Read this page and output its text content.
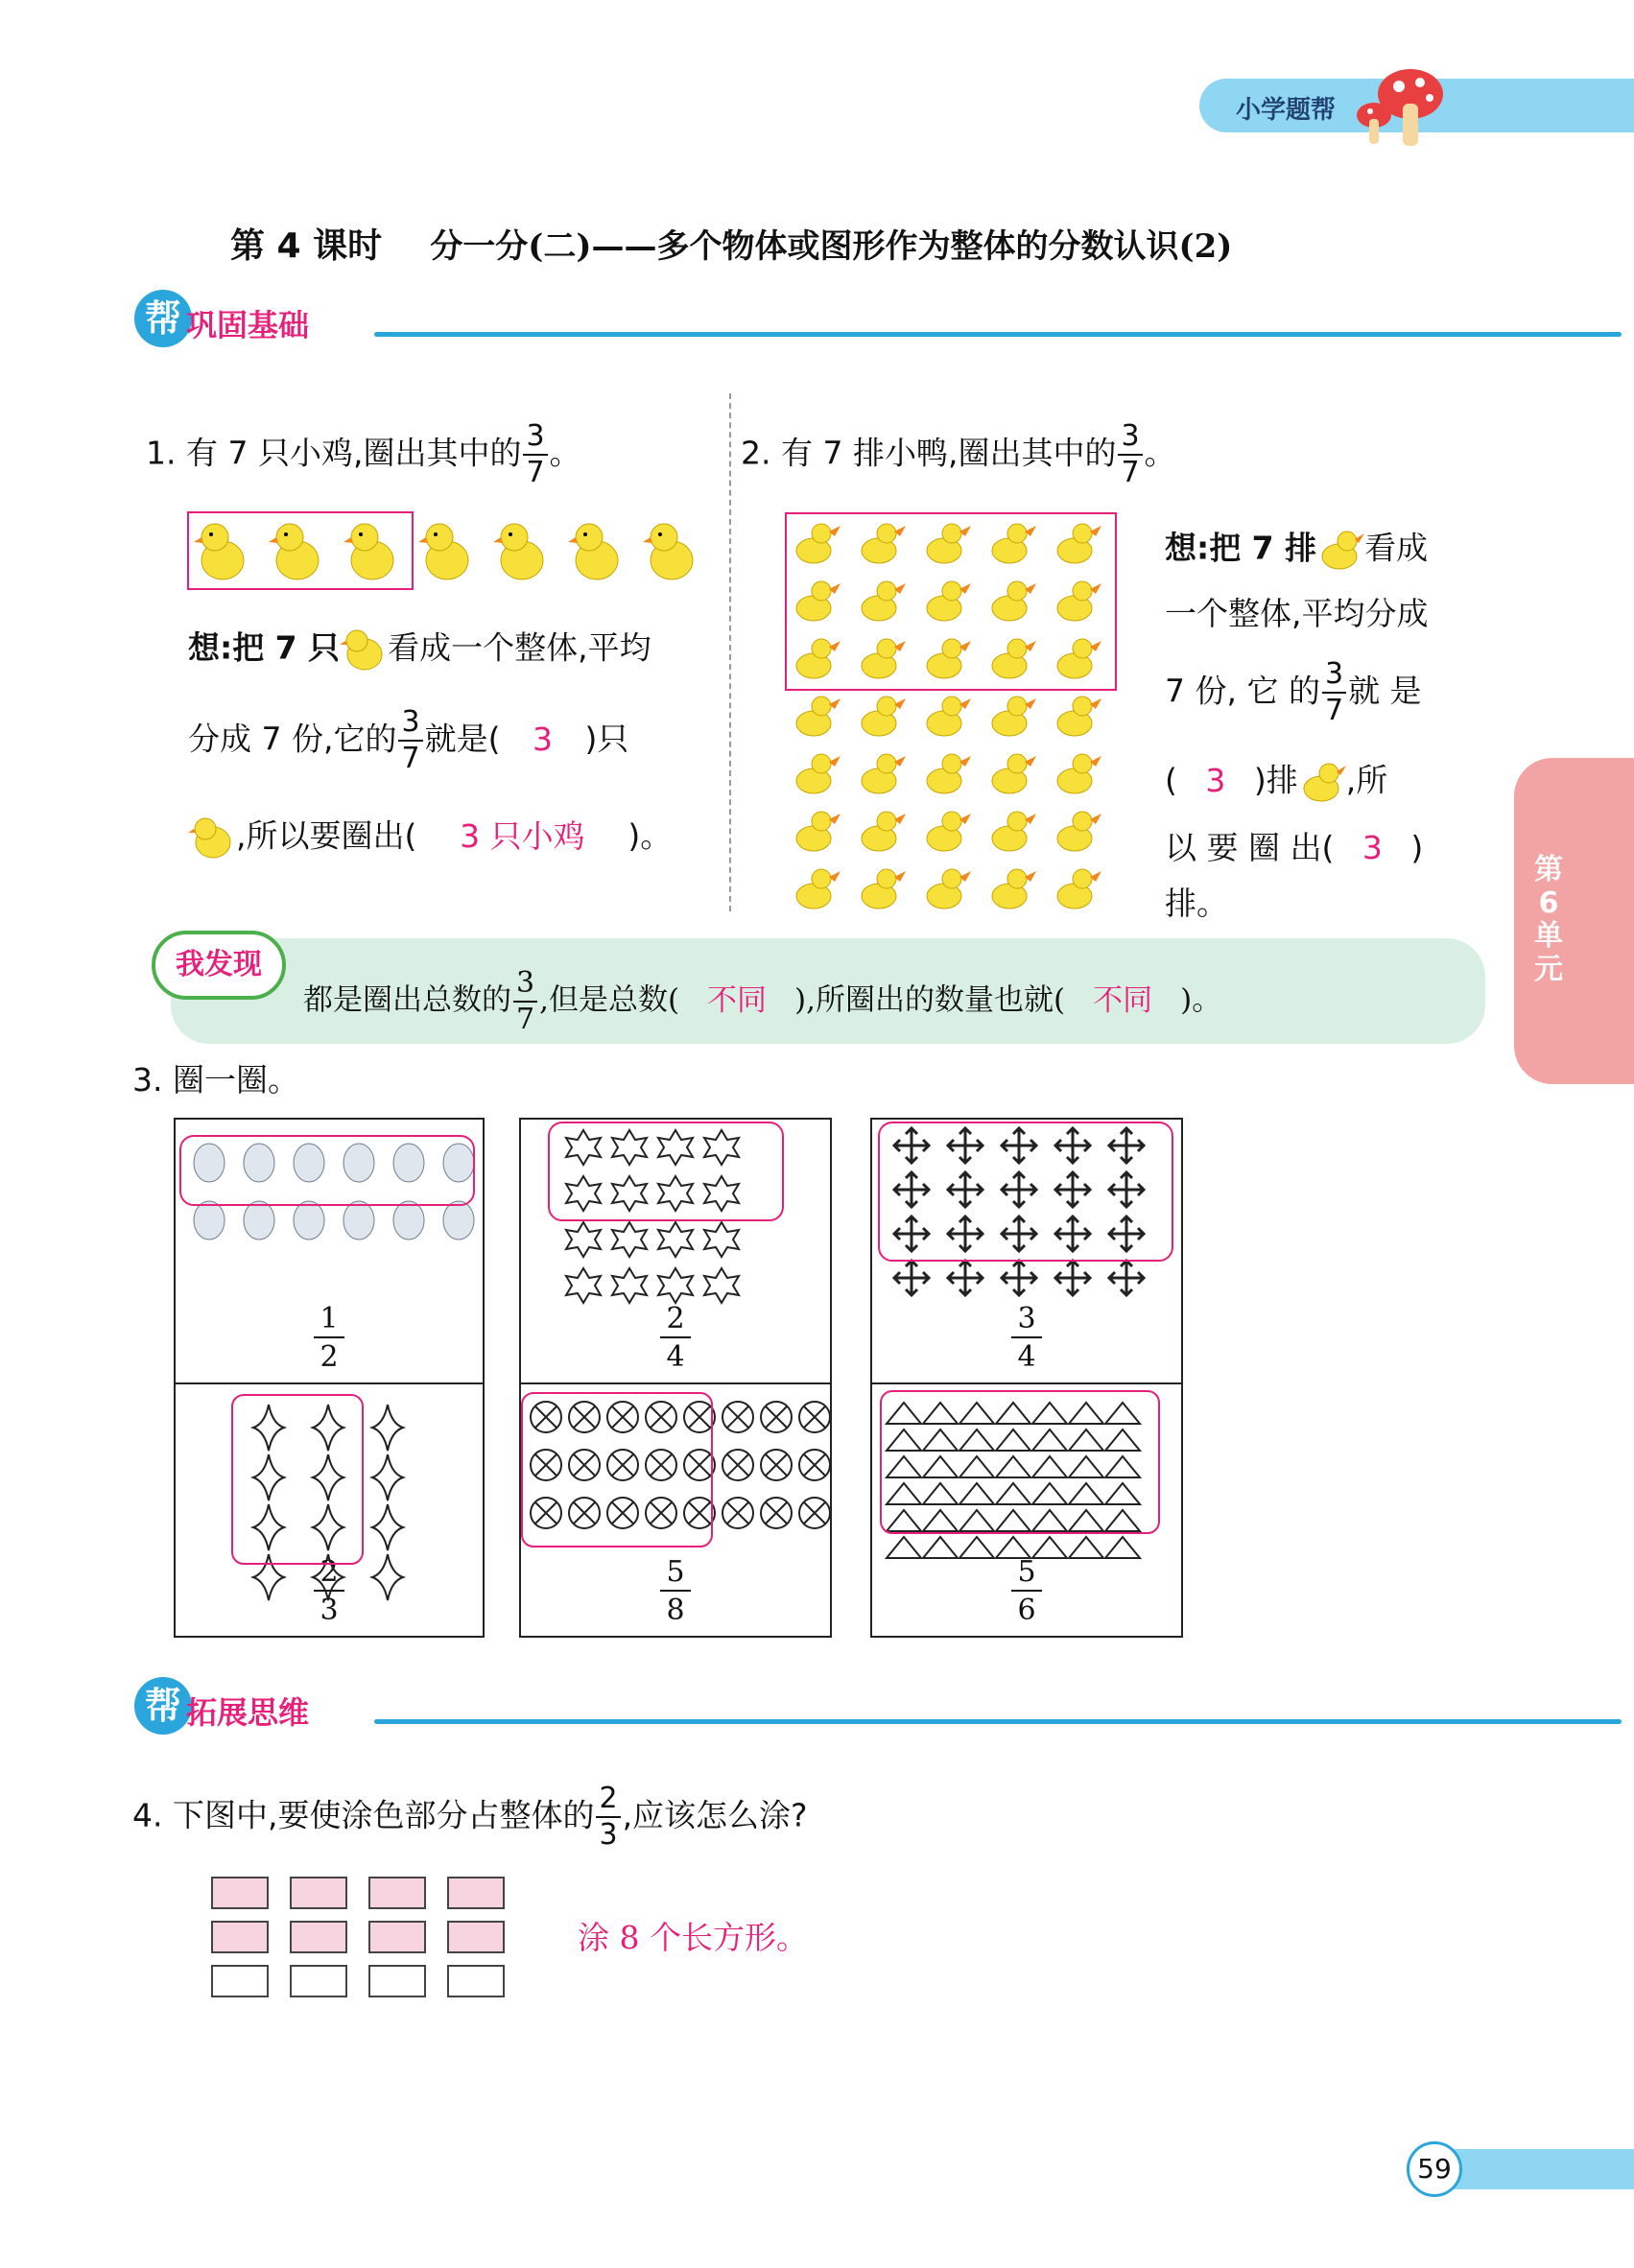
小学题帮
第 4 课时 分一分(二)——多个物体或图形作为整体的分数认识(2)
帮 巩固基础
1. 有 7 只小鸡,圈出其中的 $\frac{3}{7}$ 。
想:把 7 只 看成一个整体,平均
分成 7 份,它的 $\frac{3}{7}$ 就是( 3 )只
,所以要圈出( 3 只小鸡 )。
2. 有 7 排小鸭,圈出其中的 $\frac{3}{7}$ 。
想:把 7 排 看成
一个整体,平均分成
7 份, 它 的 $\frac{3}{7}$ 就 是
( 3 )排 ,所
以 要 圈 出( 3 )
排。
我发现
都是圈出总数的 $\frac{3}{7}$ ,但是总数( 不同 ),所圈出的数量也就( 不同 )。
第6单元
3. 圈一圈。
1
2
2
4
3
4
2
3
5
8
5
6
帮 拓展思维
4. 下图中,要使涂色部分占整体的 $\frac{2}{3}$ ,应该怎么涂?
涂 8 个长方形。
59
